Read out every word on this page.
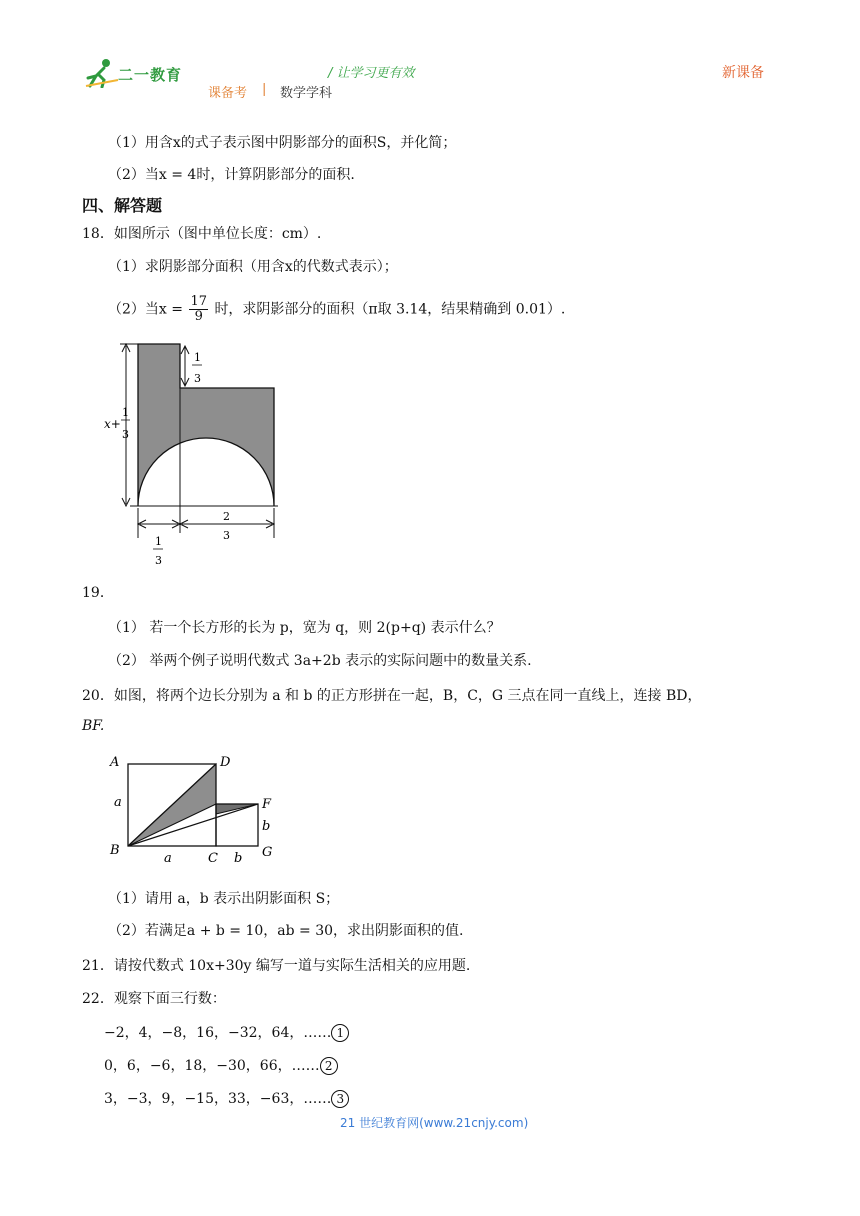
二一教育	/ 让学习更有效
课备考 | 数学学科
新课备
（1）用含x的式子表示图中阴影部分的面积S，并化简；
（2）当x = 4时，计算阴影部分的面积.
四、解答题
18．如图所示（图中单位长度：cm）.
（1）求阴影部分面积（用含x的代数式表示）；
（2）当$x = \frac{17}{9}$ 时，求阴影部分的面积（π取 3.14，结果精确到 0.01）.
x+
1
3
1
3
1
3
2
3
19．
（1） 若一个长方形的长为 p，宽为 q，则 2(p+q) 表示什么？
（2） 举两个例子说明代数式 3a+2b 表示的实际问题中的数量关系.
20．如图，将两个边长分别为 a 和 b 的正方形拼在一起，B，C，G 三点在同一直线上，连接 BD，
BF.
A	D
F
B
C	G
a
a	b
b
（1）请用 a，b 表示出阴影面积 S；
（2）若满足a + b = 10，ab = 30，求出阴影面积的值.
21．请按代数式 10x+30y 编写一道与实际生活相关的应用题.
22．观察下面三行数：
−2，4，−8，16，−32，64，…… 1
0，6，−6，18，−30，66，…… 2
3，−3，9，−15，33，−63，…… 3
21 世纪教育网(www.21cnjy.com)
